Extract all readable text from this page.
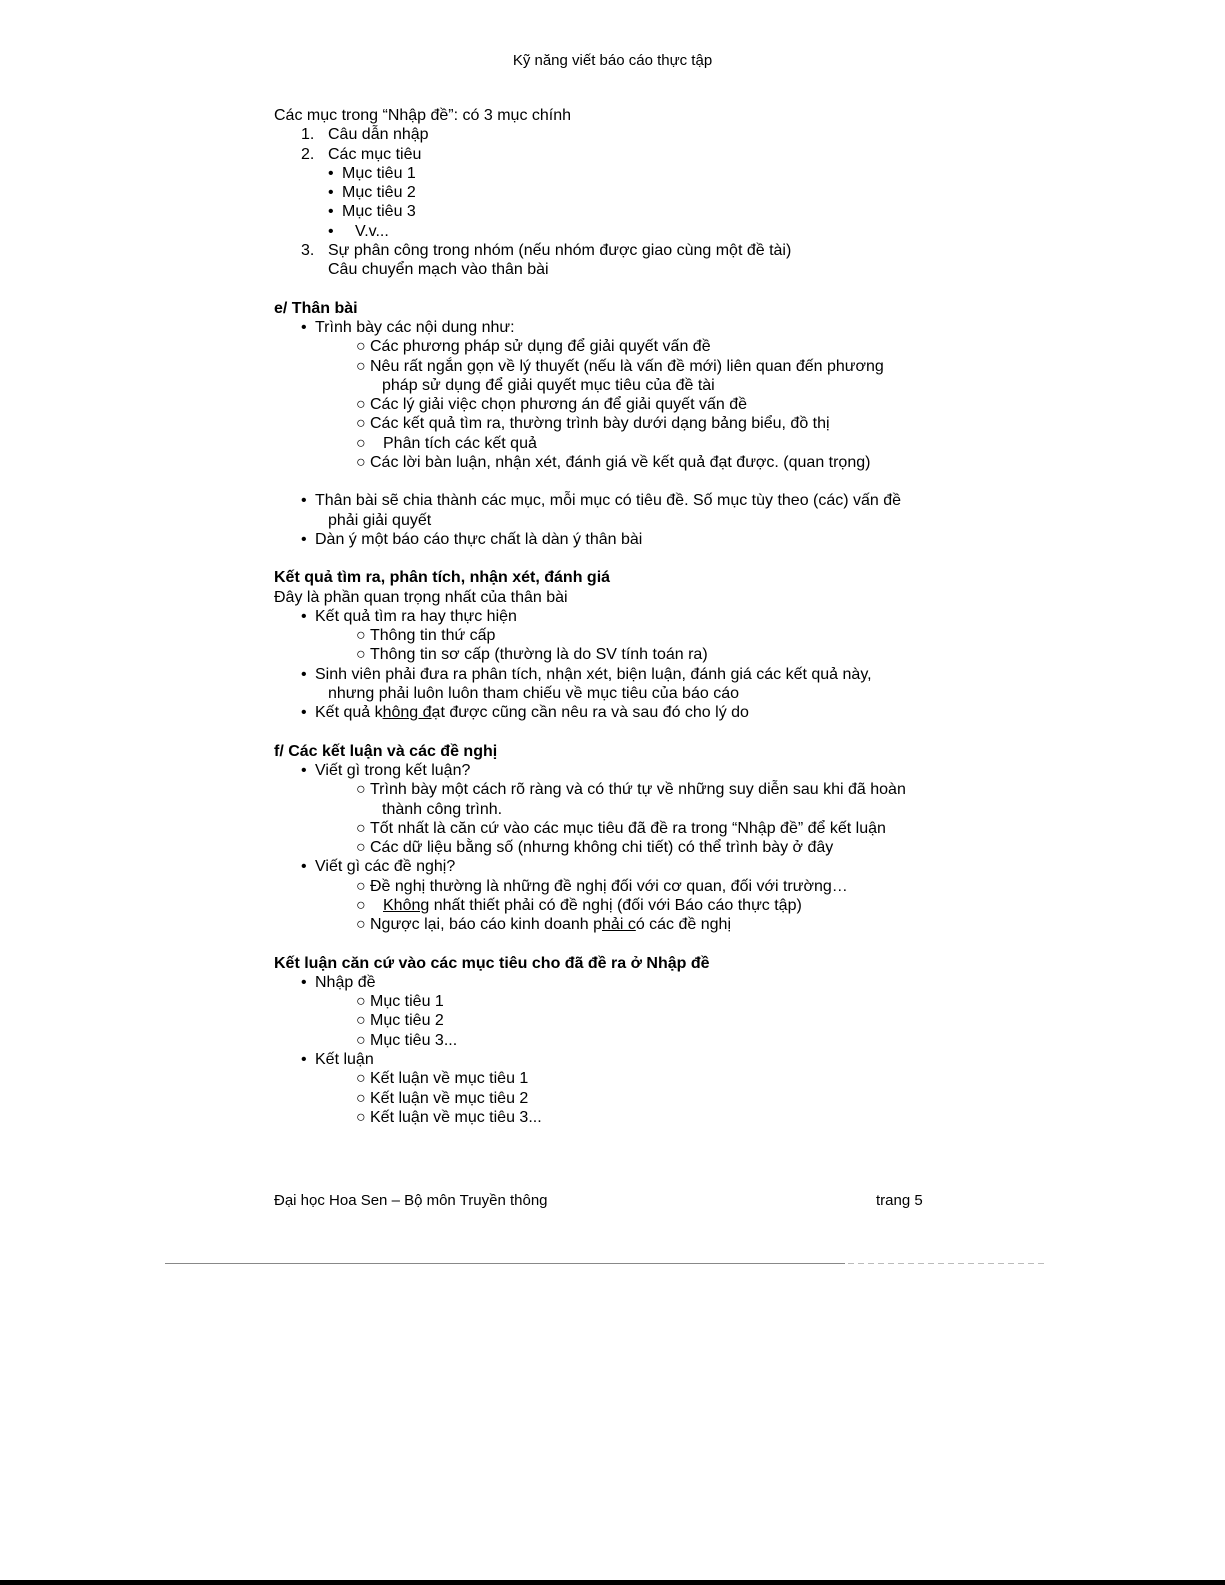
Kỹ năng viết báo cáo thực tập
Các mục trong “Nhập đề”: có 3 mục chính
1. Câu dẫn nhập
2. Các mục tiêu
• Mục tiêu 1
• Mục tiêu 2
• Mục tiêu 3
• V.v...
3. Sự phân công trong nhóm (nếu nhóm được giao cùng một đề tài)
Câu chuyển mạch vào thân bài
e/ Thân bài
• Trình bày các nội dung như:
○ Các phương pháp sử dụng để giải quyết vấn đề
○ Nêu rất ngắn gọn về lý thuyết (nếu là vấn đề mới) liên quan đến phương
pháp sử dụng để giải quyết mục tiêu của đề tài
○ Các lý giải việc chọn phương án để giải quyết vấn đề
○ Các kết quả tìm ra, thường trình bày dưới dạng bảng biểu, đồ thị
○ Phân tích các kết quả
○ Các lời bàn luận, nhận xét, đánh giá về kết quả đạt được. (quan trọng)
• Thân bài sẽ chia thành các mục, mỗi mục có tiêu đề. Số mục tùy theo (các) vấn đề
phải giải quyết
• Dàn ý một báo cáo thực chất là dàn ý thân bài
Kết quả tìm ra, phân tích, nhận xét, đánh giá
Đây là phần quan trọng nhất của thân bài
• Kết quả tìm ra hay thực hiện
○ Thông tin thứ cấp
○ Thông tin sơ cấp (thường là do SV tính toán ra)
• Sinh viên phải đưa ra phân tích, nhận xét, biện luận, đánh giá các kết quả này,
nhưng phải luôn luôn tham chiếu về mục tiêu của báo cáo
• Kết quả không đạt được cũng cần nêu ra và sau đó cho lý do
f/ Các kết luận và các đề nghị
• Viết gì trong kết luận?
○ Trình bày một cách rõ ràng và có thứ tự về những suy diễn sau khi đã hoàn
thành công trình.
○ Tốt nhất là căn cứ vào các mục tiêu đã đề ra trong “Nhập đề” để kết luận
○ Các dữ liệu bằng số (nhưng không chi tiết) có thể trình bày ở đây
• Viết gì các đề nghị?
○ Đề nghị thường là những đề nghị đối với cơ quan, đối với trường…
○ Không nhất thiết phải có đề nghị (đối với Báo cáo thực tập)
○ Ngược lại, báo cáo kinh doanh phải có các đề nghị
Kết luận căn cứ vào các mục tiêu cho đã đề ra ở Nhập đề
• Nhập đề
○ Mục tiêu 1
○ Mục tiêu 2
○ Mục tiêu 3...
• Kết luận
○ Kết luận về mục tiêu 1
○ Kết luận về mục tiêu 2
○ Kết luận về mục tiêu 3...
Đại học Hoa Sen – Bộ môn Truyền thông	trang 5
